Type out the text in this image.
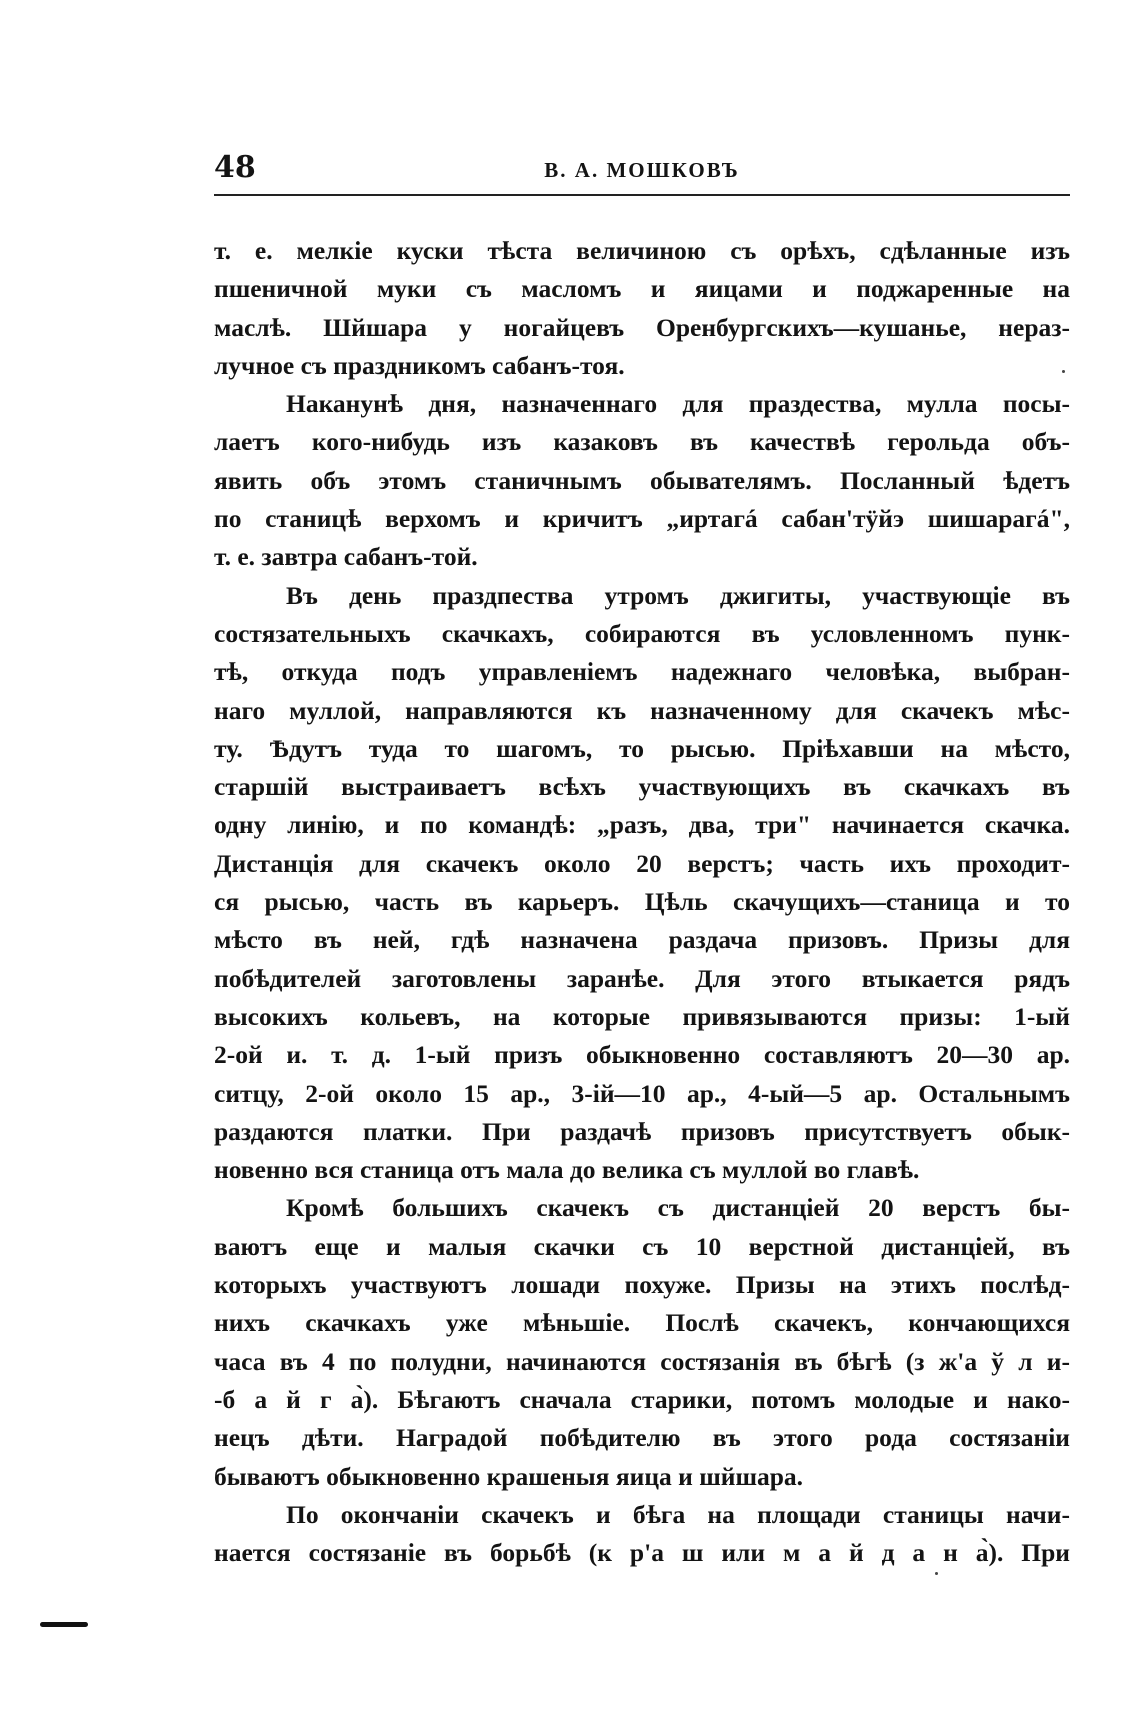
48	В. А. МОШКОВЪ
т. е. мелкіе куски тѣста величиною съ орѣхъ, сдѣланные изъ
пшеничной муки съ масломъ и яицами и поджаренные на
маслѣ. Шйшара у ногайцевъ Оренбургскихъ—кушанье, нераз-
лучное съ праздникомъ сабанъ-тоя.
Наканунѣ дня, назначеннаго для праздества, мулла посы-
лаетъ кого-нибудь изъ казаковъ въ качествѣ герольда объ-
явить объ этомъ станичнымъ обывателямъ. Посланный ѣдетъ
по станицѣ верхомъ и кричитъ „иртагá сабан'тÿйэ шишарагá",
т. е. завтра сабанъ-той.
Въ день праздпества утромъ джигиты, участвующіе въ
состязательныхъ скачкахъ, собираются въ условленномъ пунк-
тѣ, откуда подъ управленіемъ надежнаго человѣка, выбран-
наго муллой, направляются къ назначенному для скачекъ мѣс-
ту. Ѣдутъ туда то шагомъ, то рысью. Пріѣхавши на мѣсто,
старшій выстраиваетъ всѣхъ участвующихъ въ скачкахъ въ
одну линію, и по командѣ: „разъ, два, три" начинается скачка.
Дистанція для скачекъ около 20 верстъ; часть ихъ проходит-
ся рысью, часть въ карьеръ. Цѣль скачущихъ—станица и то
мѣсто въ ней, гдѣ назначена раздача призовъ. Призы для
побѣдителей заготовлены заранѣе. Для этого втыкается рядъ
высокихъ кольевъ, на которые привязываются призы: 1-ый
2-ой и. т. д. 1-ый призъ обыкновенно составляютъ 20—30 ар.
ситцу, 2-ой около 15 ар., 3-ій—10 ар., 4-ый—5 ар. Остальнымъ
раздаются платки. При раздачѣ призовъ присутствуетъ обык-
новенно вся станица отъ мала до велика съ муллой во главѣ.
Кромѣ большихъ скачекъ съ дистанціей 20 верстъ бы-
ваютъ еще и малыя скачки съ 10 верстной дистанціей, въ
которыхъ участвуютъ лошади похуже. Призы на этихъ послѣд-
нихъ скачкахъ уже мѣньшіе. Послѣ скачекъ, кончающихся
часа въ 4 по полудни, начинаются состязанія въ бѣгѣ (з ж'а ў л и-
-б а й г а̀). Бѣгаютъ сначала старики, потомъ молодые и нако-
нецъ дѣти. Наградой побѣдителю въ этого рода состязаніи
бываютъ обыкновенно крашеныя яица и шйшара.
По окончаніи скачекъ и бѣга на площади станицы начи-
нается состязаніе въ борьбѣ (к р'а ш или м а й д а н а̀). При
